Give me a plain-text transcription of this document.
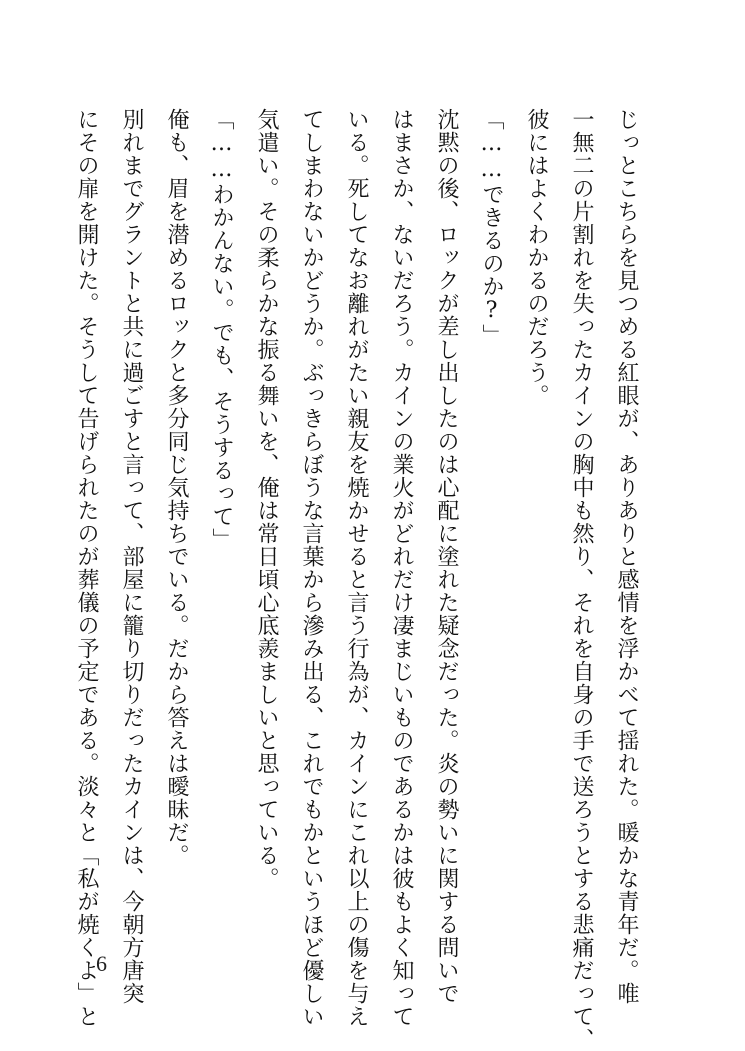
じっとこちらを見つめる紅眼が、ありありと感情を浮かべて揺れた。暖かな青年だ。唯
一無二の片割れを失ったカインの胸中も然り、それを自身の手で送ろうとする悲痛だって、
彼にはよくわかるのだろう。
「……できるのか?」
沈黙の後、ロックが差し出したのは心配に塗れた疑念だった。炎の勢いに関する問いで
はまさか、ないだろう。カインの業火がどれだけ凄まじいものであるかは彼もよく知って
いる。死してなお離れがたい親友を焼かせると言う行為が、カインにこれ以上の傷を与え
てしまわないかどうか。ぶっきらぼうな言葉から滲み出る、これでもかというほど優しい
気遣い。その柔らかな振る舞いを、俺は常日頃心底羨ましいと思っている。
「……わかんない。でも、そうするって」
俺も、眉を潜めるロックと多分同じ気持ちでいる。だから答えは曖昧だ。
別れまでグラントと共に過ごすと言って、部屋に籠り切りだったカインは、今朝方唐突
にその扉を開けた。そうして告げられたのが葬儀の予定である。淡々と「私が焼くよ」と
6
